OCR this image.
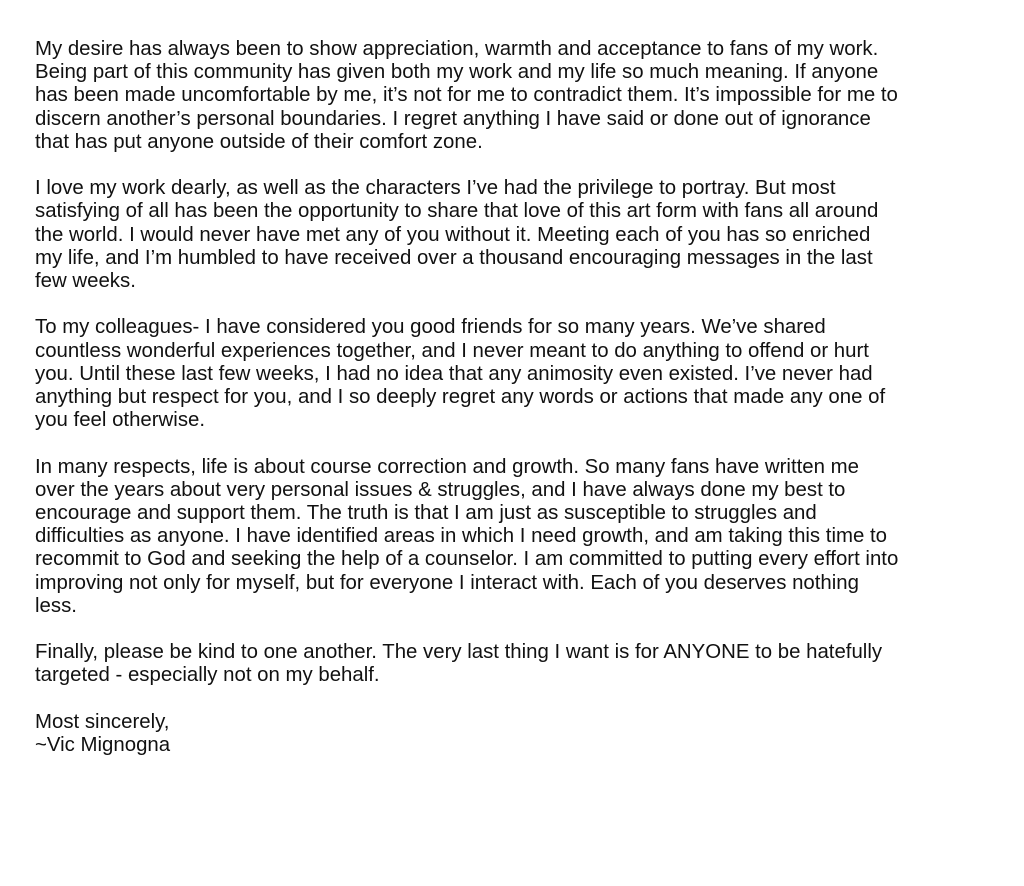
My desire has always been to show appreciation, warmth and acceptance to fans of my work.
Being part of this community has given both my work and my life so much meaning. If anyone
has been made uncomfortable by me, it’s not for me to contradict them. It’s impossible for me to
discern another’s personal boundaries. I regret anything I have said or done out of ignorance
that has put anyone outside of their comfort zone.

I love my work dearly, as well as the characters I’ve had the privilege to portray. But most
satisfying of all has been the opportunity to share that love of this art form with fans all around
the world. I would never have met any of you without it. Meeting each of you has so enriched
my life, and I’m humbled to have received over a thousand encouraging messages in the last
few weeks.

To my colleagues- I have considered you good friends for so many years. We’ve shared
countless wonderful experiences together, and I never meant to do anything to offend or hurt
you. Until these last few weeks, I had no idea that any animosity even existed. I’ve never had
anything but respect for you, and I so deeply regret any words or actions that made any one of
you feel otherwise.

In many respects, life is about course correction and growth. So many fans have written me
over the years about very personal issues & struggles, and I have always done my best to
encourage and support them. The truth is that I am just as susceptible to struggles and
difficulties as anyone. I have identified areas in which I need growth, and am taking this time to
recommit to God and seeking the help of a counselor. I am committed to putting every effort into
improving not only for myself, but for everyone I interact with. Each of you deserves nothing
less.

Finally, please be kind to one another. The very last thing I want is for ANYONE to be hatefully
targeted - especially not on my behalf.

Most sincerely,
~Vic Mignogna
